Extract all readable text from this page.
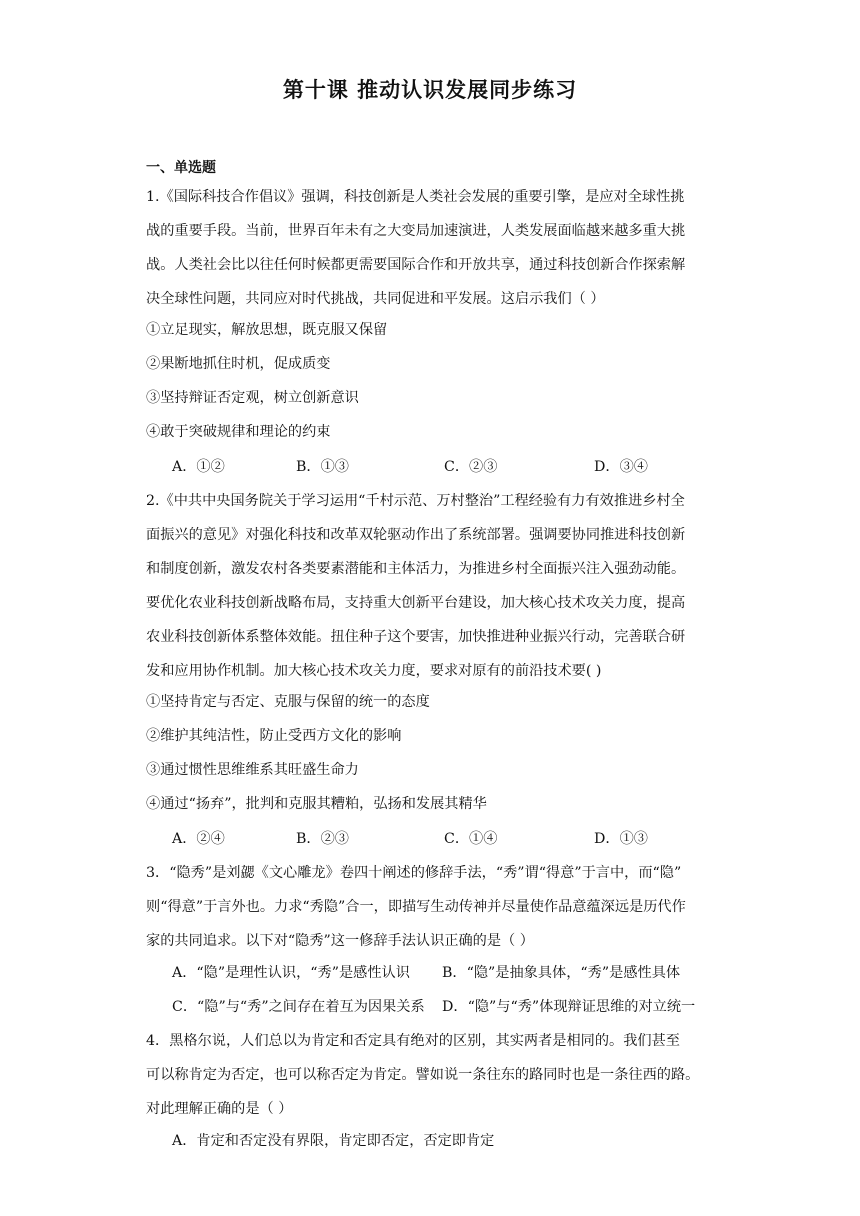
第十课 推动认识发展同步练习
一、单选题
1.《国际科技合作倡议》强调，科技创新是人类社会发展的重要引擎，是应对全球性挑
战的重要手段。当前，世界百年未有之大变局加速演进，人类发展面临越来越多重大挑
战。人类社会比以往任何时候都更需要国际合作和开放共享，通过科技创新合作探索解
决全球性问题，共同应对时代挑战，共同促进和平发展。这启示我们（ ）
①立足现实，解放思想，既克服又保留
②果断地抓住时机，促成质变
③坚持辩证否定观，树立创新意识
④敢于突破规律和理论的约束
A．①②	B．①③	C．②③	D．③④
2.《中共中央国务院关于学习运用“千村示范、万村整治”工程经验有力有效推进乡村全
面振兴的意见》对强化科技和改革双轮驱动作出了系统部署。强调要协同推进科技创新
和制度创新，激发农村各类要素潜能和主体活力，为推进乡村全面振兴注入强劲动能。
要优化农业科技创新战略布局，支持重大创新平台建设，加大核心技术攻关力度，提高
农业科技创新体系整体效能。扭住种子这个要害，加快推进种业振兴行动，完善联合研
发和应用协作机制。加大核心技术攻关力度，要求对原有的前沿技术要( )
①坚持肯定与否定、克服与保留的统一的态度
②维护其纯洁性，防止受西方文化的影响
③通过惯性思维维系其旺盛生命力
④通过“扬弃”，批判和克服其糟粕，弘扬和发展其精华
A．②④	B．②③	C．①④	D．①③
3．“隐秀”是刘勰《文心雕龙》卷四十阐述的修辞手法，“秀”谓“得意”于言中，而“隐”
则“得意”于言外也。力求“秀隐”合一，即描写生动传神并尽量使作品意蕴深远是历代作
家的共同追求。以下对“隐秀”这一修辞手法认识正确的是（ ）
A．“隐”是理性认识，“秀”是感性认识 B．“隐”是抽象具体，“秀”是感性具体
C．“隐”与“秀”之间存在着互为因果关系 D．“隐”与“秀”体现辩证思维的对立统一
4．黑格尔说，人们总以为肯定和否定具有绝对的区别，其实两者是相同的。我们甚至
可以称肯定为否定，也可以称否定为肯定。譬如说一条往东的路同时也是一条往西的路。
对此理解正确的是（ ）
A．肯定和否定没有界限，肯定即否定，否定即肯定
